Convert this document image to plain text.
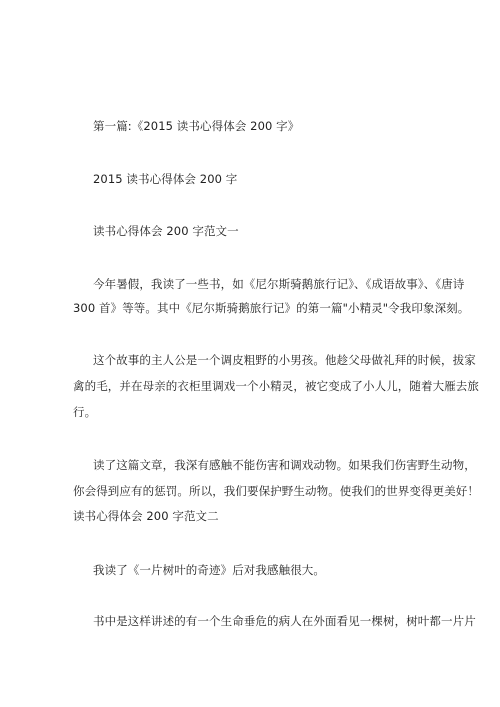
第一篇:《2015 读书心得体会 200 字》
2015 读书心得体会 200 字
读书心得体会 200 字范文一
今年暑假，我读了一些书，如《尼尔斯骑鹅旅行记》、《成语故事》、《唐诗
300 首》等等。其中《尼尔斯骑鹅旅行记》的第一篇"小精灵"令我印象深刻。
这个故事的主人公是一个调皮粗野的小男孩。他趁父母做礼拜的时候，拔家
禽的毛，并在母亲的衣柜里调戏一个小精灵，被它变成了小人儿，随着大雁去旅
行。
读了这篇文章，我深有感触不能伤害和调戏动物。如果我们伤害野生动物，
你会得到应有的惩罚。所以，我们要保护野生动物。使我们的世界变得更美好！
读书心得体会 200 字范文二
我读了《一片树叶的奇迹》后对我感触很大。
书中是这样讲述的有一个生命垂危的病人在外面看见一棵树，树叶都一片片
